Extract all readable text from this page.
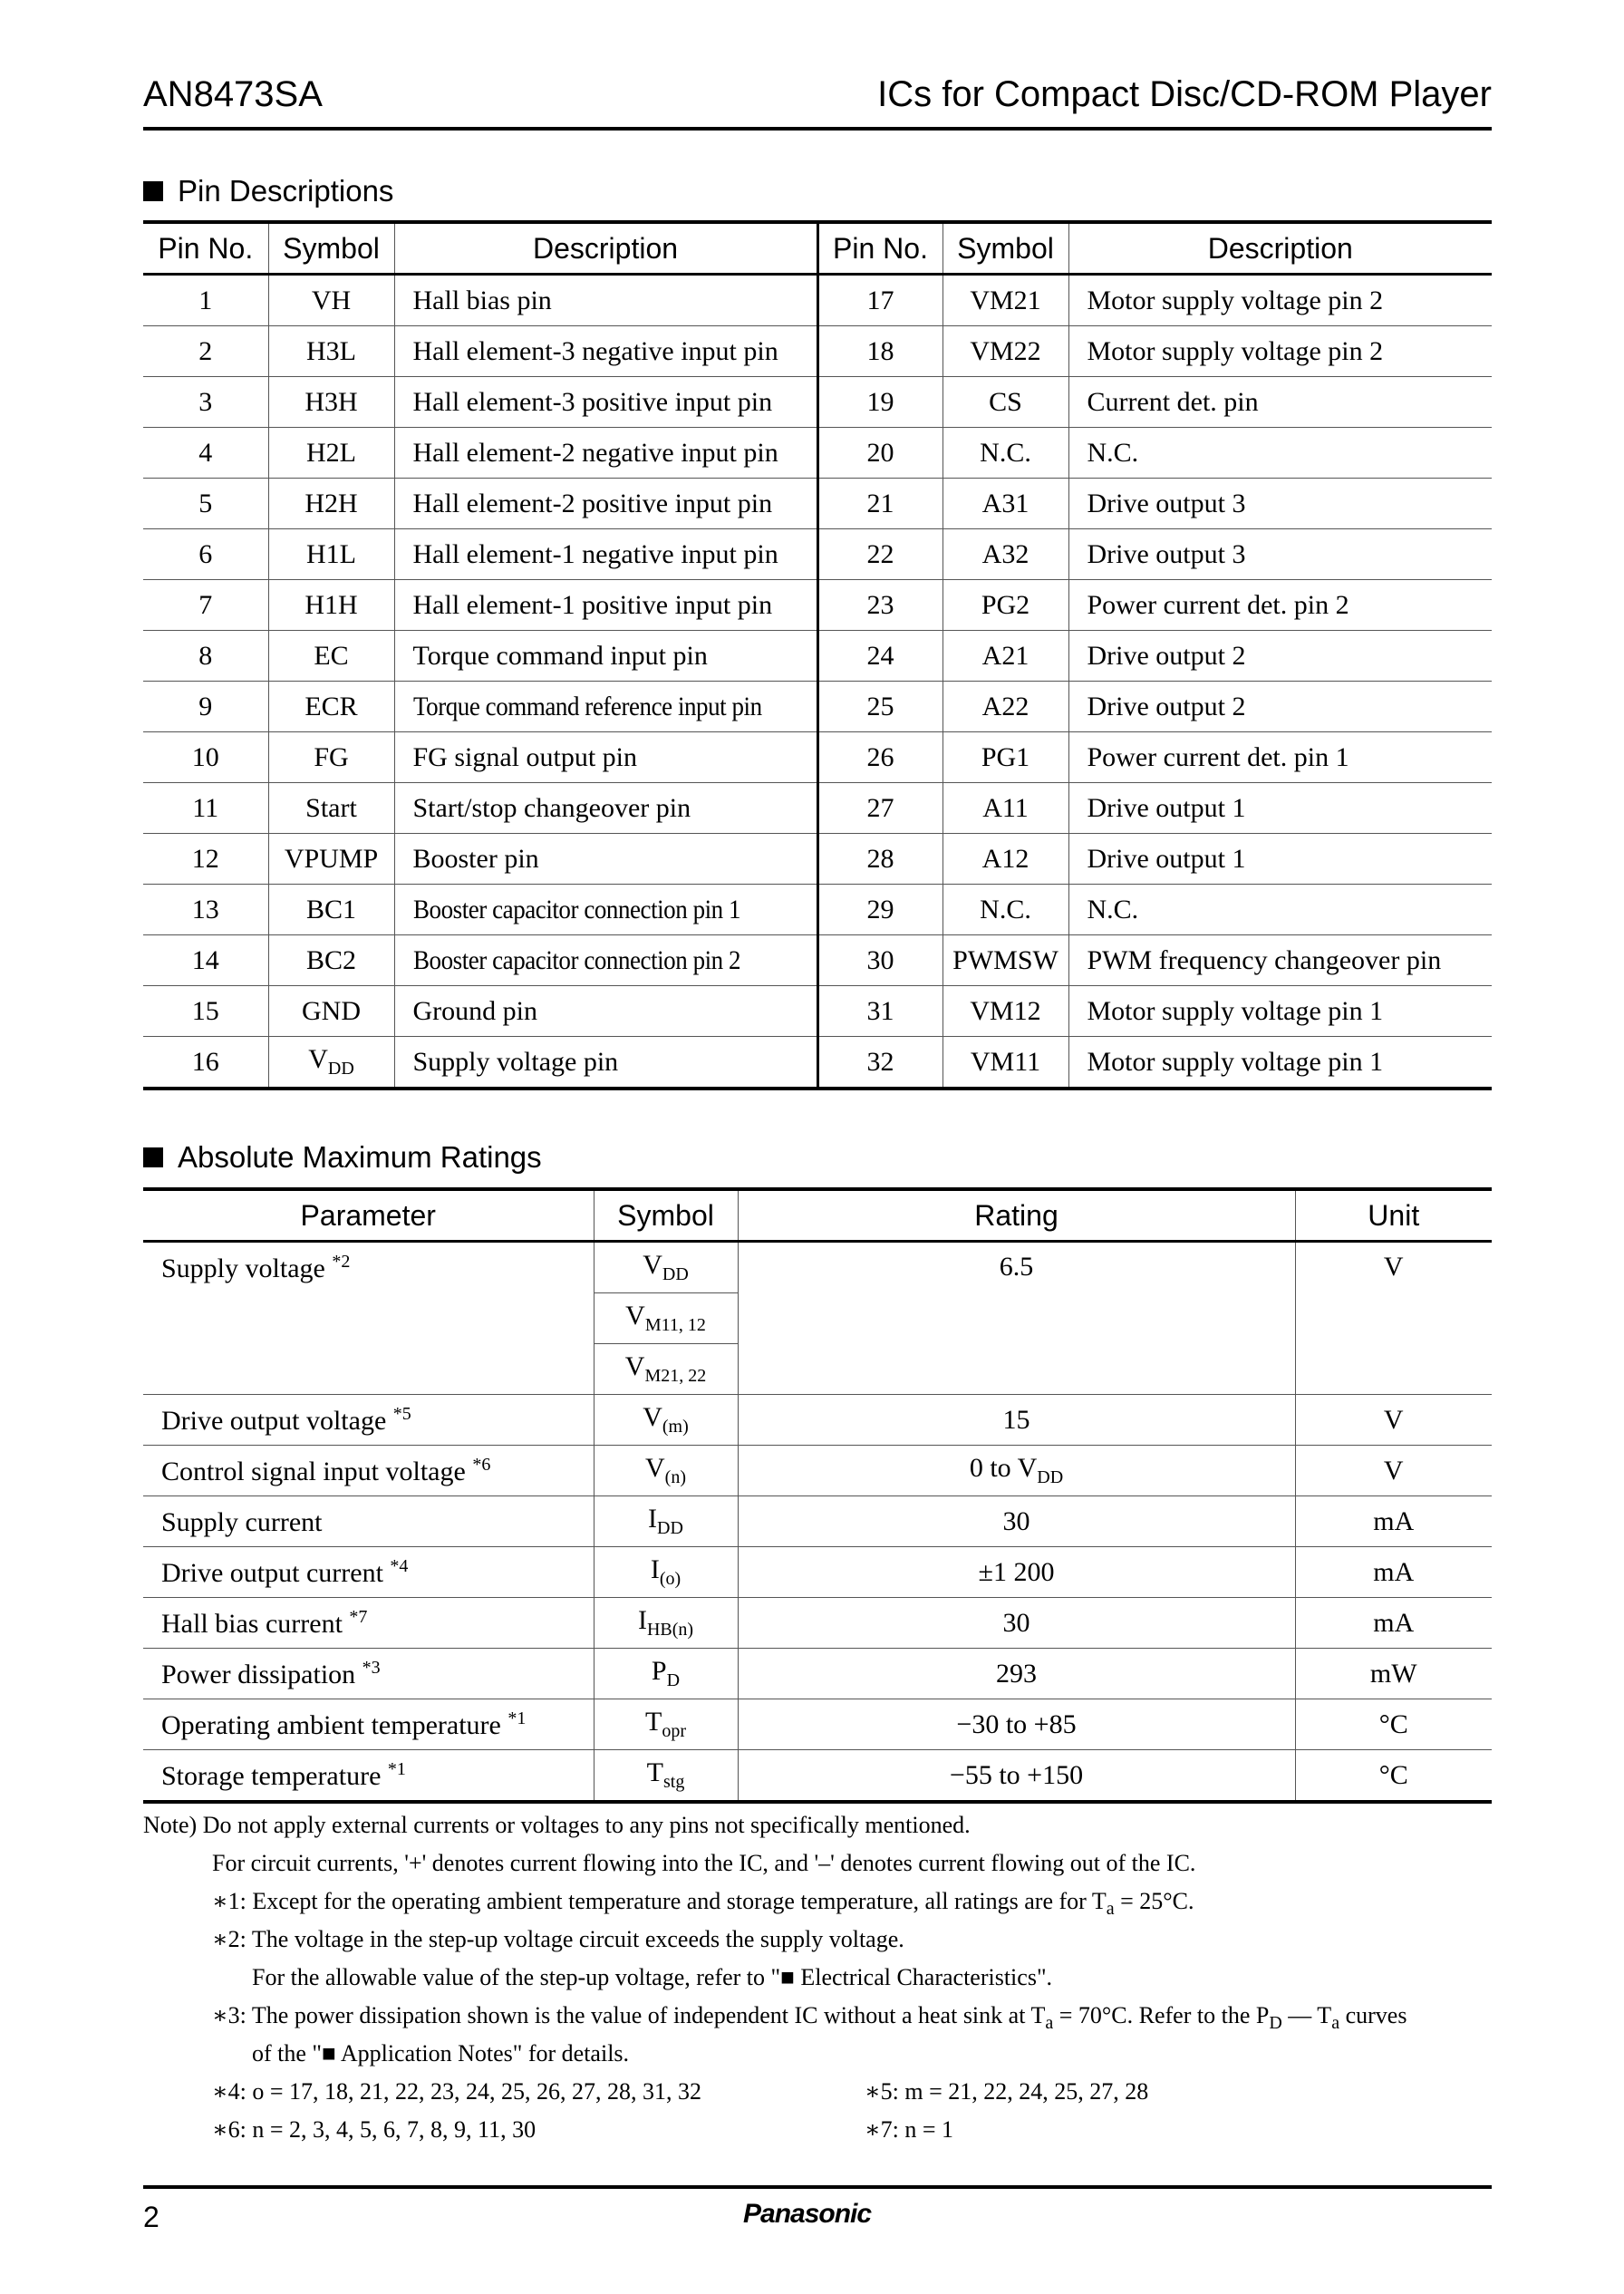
AN8473SA	ICs for Compact Disc/CD-ROM Player
Pin Descriptions
Pin No.	Symbol	Description	Pin No.	Symbol	Description
1	VH	Hall bias pin	17	VM21	Motor supply voltage pin 2
2	H3L	Hall element-3 negative input pin	18	VM22	Motor supply voltage pin 2
3	H3H	Hall element-3 positive input pin	19	CS	Current det. pin
4	H2L	Hall element-2 negative input pin	20	N.C.	N.C.
5	H2H	Hall element-2 positive input pin	21	A31	Drive output 3
6	H1L	Hall element-1 negative input pin	22	A32	Drive output 3
7	H1H	Hall element-1 positive input pin	23	PG2	Power current det. pin 2
8	EC	Torque command input pin	24	A21	Drive output 2
9	ECR	Torque command reference input pin	25	A22	Drive output 2
10	FG	FG signal output pin	26	PG1	Power current det. pin 1
11	Start	Start/stop changeover pin	27	A11	Drive output 1
12	VPUMP	Booster pin	28	A12	Drive output 1
13	BC1	Booster capacitor connection pin 1	29	N.C.	N.C.
14	BC2	Booster capacitor connection pin 2	30	PWMSW	PWM frequency changeover pin
15	GND	Ground pin	31	VM12	Motor supply voltage pin 1
16	$V_{DD}$	Supply voltage pin	32	VM11	Motor supply voltage pin 1
Absolute Maximum Ratings
Parameter	Symbol	Rating	Unit
Supply voltage $^{*2}$	$V_{DD}$	6.5	V
	$V_{M11, 12}$
	$V_{M21, 22}$
Drive output voltage $^{*5}$	$V_{(m)}$	15	V
Control signal input voltage $^{*6}$	$V_{(n)}$	0 to $V_{DD}$	V
Supply current	$I_{DD}$	30	mA
Drive output current $^{*4}$	$I_{(o)}$	±1 200	mA
Hall bias current $^{*7}$	$I_{HB(n)}$	30	mA
Power dissipation $^{*3}$	$P_D$	293	mW
Operating ambient temperature $^{*1}$	$T_{opr}$	−30 to +85	°C
Storage temperature $^{*1}$	$T_{stg}$	−55 to +150	°C
Note) Do not apply external currents or voltages to any pins not specifically mentioned.
For circuit currents, '+' denotes current flowing into the IC, and '–' denotes current flowing out of the IC.
∗1: Except for the operating ambient temperature and storage temperature, all ratings are for $T_a = 25^\circ C$.
∗2: The voltage in the step-up voltage circuit exceeds the supply voltage.
For the allowable value of the step-up voltage, refer to "■ Electrical Characteristics".
∗3: The power dissipation shown is the value of independent IC without a heat sink at $T_a = 70^\circ C$. Refer to the $P_D$ — $T_a$ curves
of the "■ Application Notes" for details.
∗4: o = 17, 18, 21, 22, 23, 24, 25, 26, 27, 28, 31, 32	∗5: m = 21, 22, 24, 25, 27, 28
∗6: n = 2, 3, 4, 5, 6, 7, 8, 9, 11, 30	∗7: n = 1
2	Panasonic
